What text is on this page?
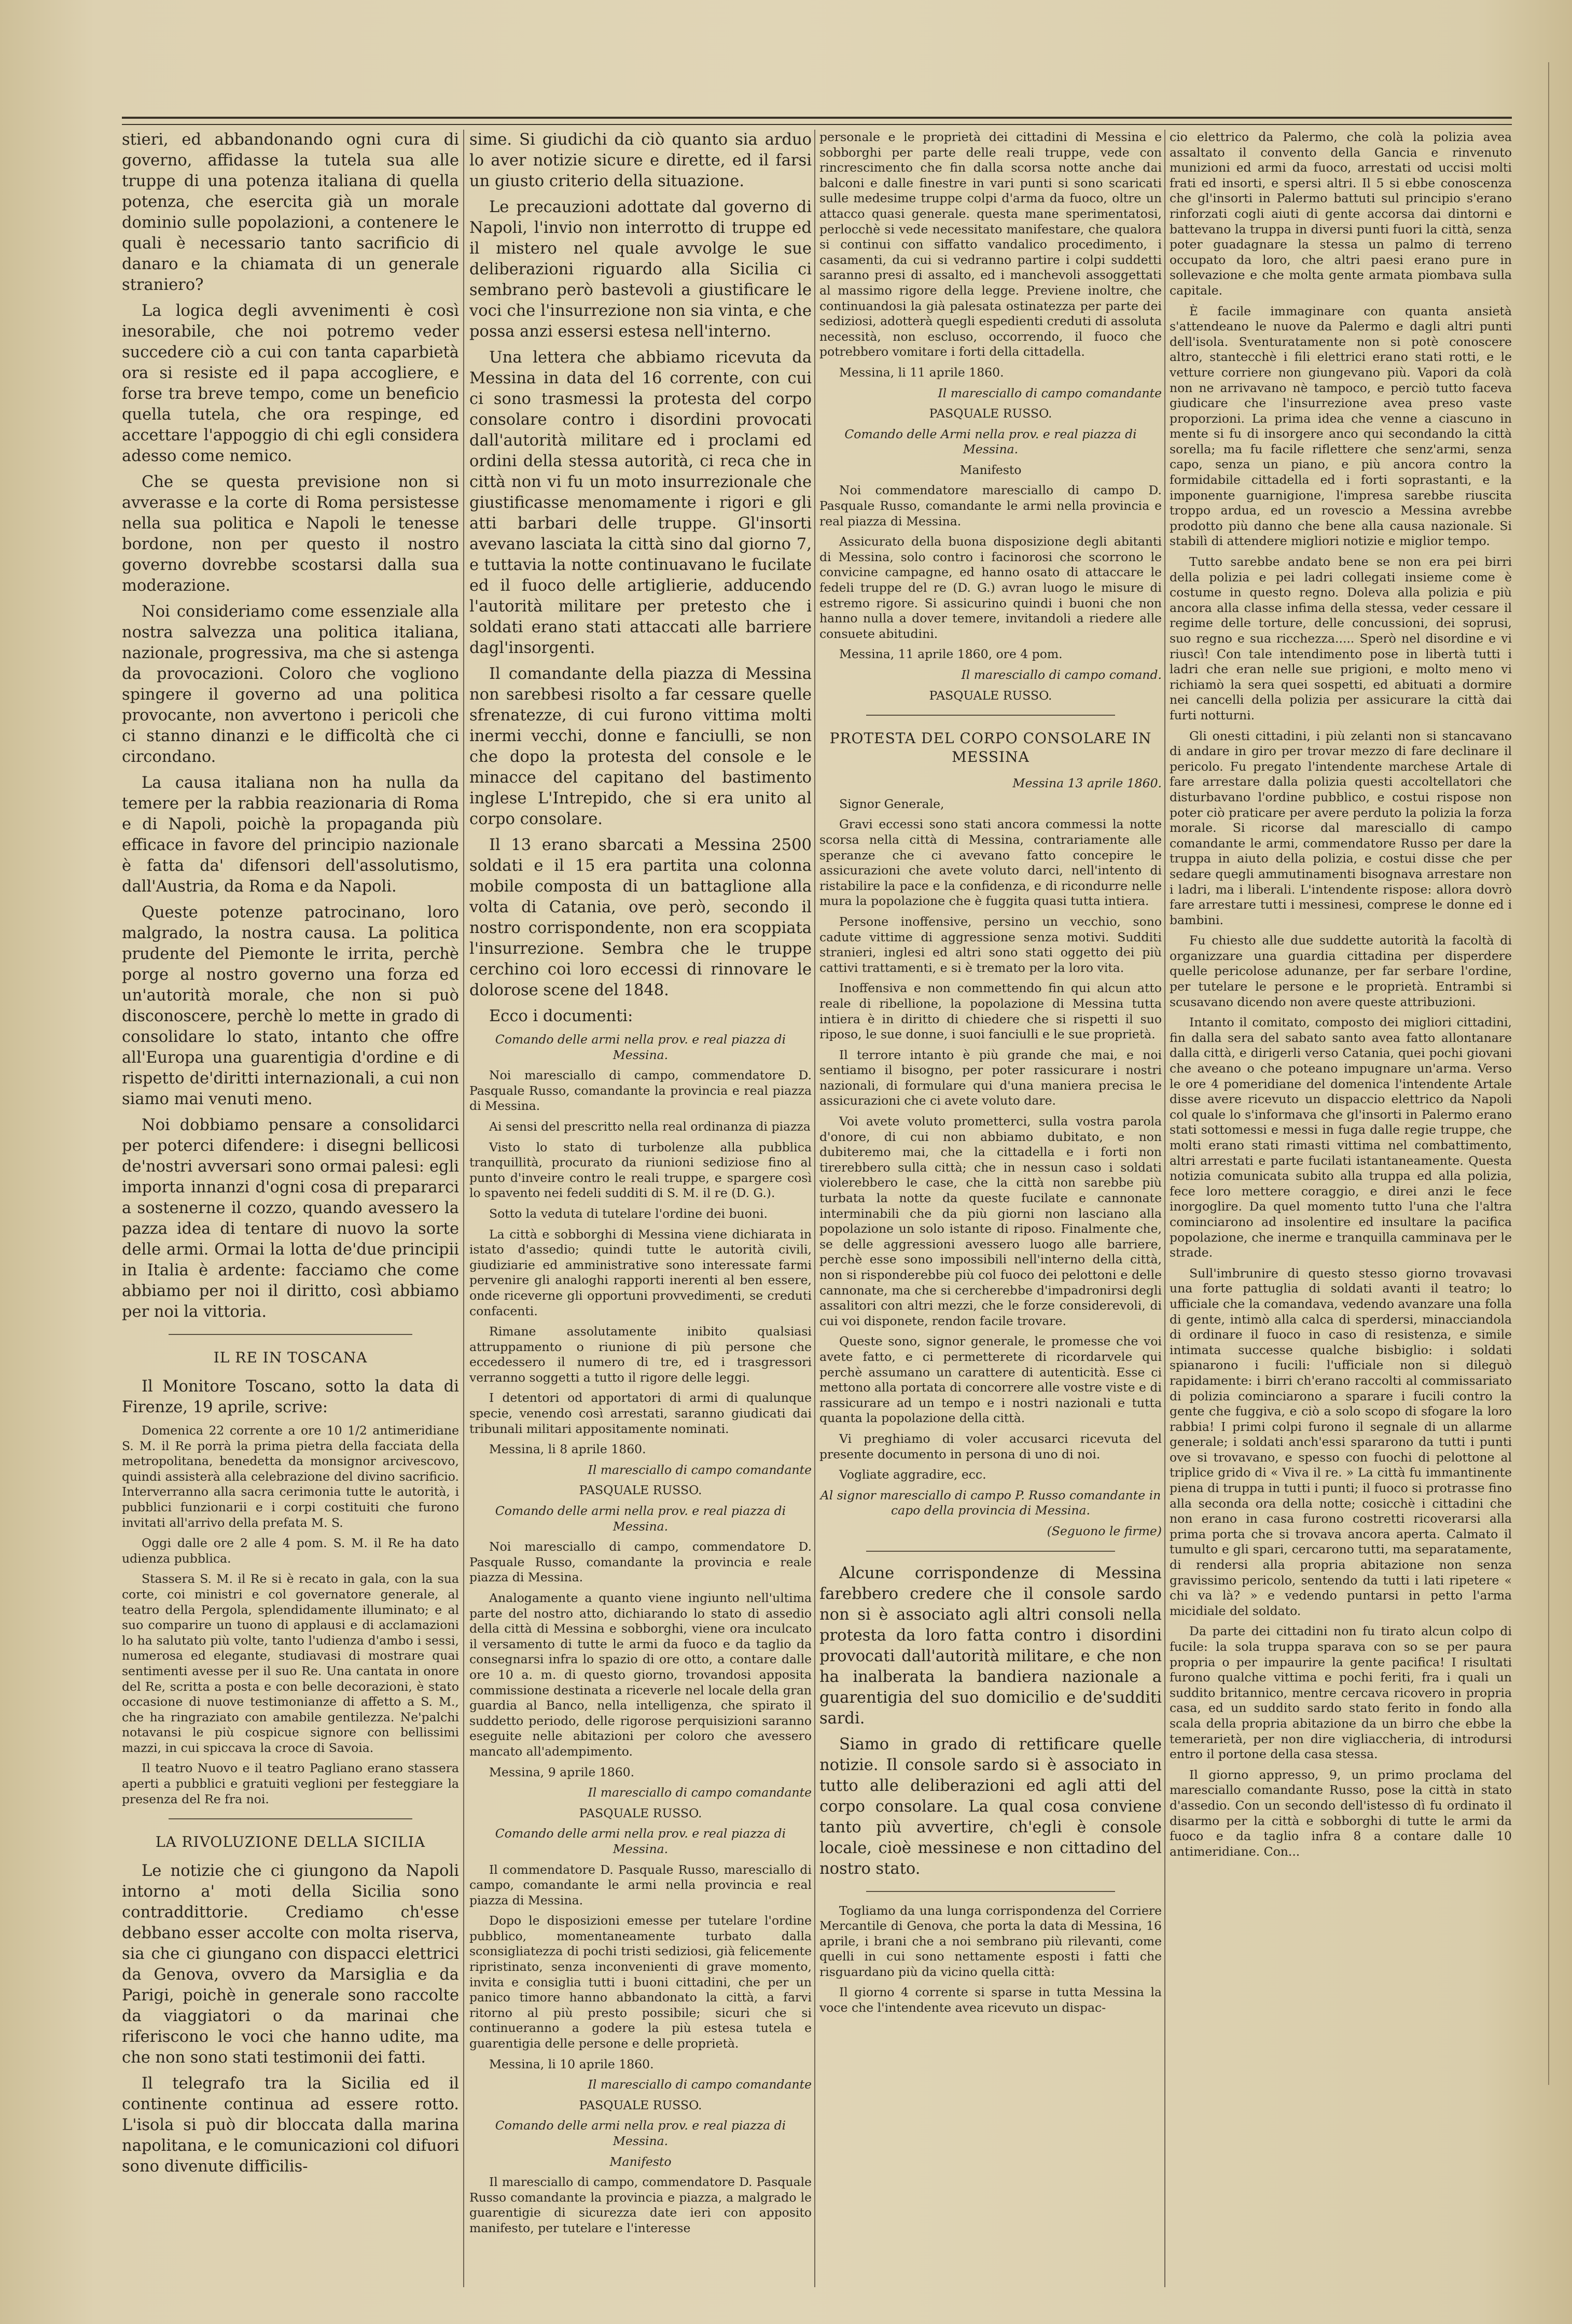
stieri, ed abbandonando ogni cura di governo, affidasse la tutela sua alle truppe di una potenza italiana di quella potenza, che esercita già un morale dominio sulle popolazioni, a contenere le quali è necessario tanto sacrificio di danaro e la chiamata di un generale straniero?

La logica degli avvenimenti è così inesorabile, che noi potremo veder succedere ciò a cui con tanta caparbietà ora si resiste ed il papa accogliere, e forse tra breve tempo, come un beneficio quella tutela, che ora respinge, ed accettare l'appoggio di chi egli considera adesso come nemico.

Che se questa previsione non si avverasse e la corte di Roma persistesse nella sua politica e Napoli le tenesse bordone, non per questo il nostro governo dovrebbe scostarsi dalla sua moderazione.

Noi consideriamo come essenziale alla nostra salvezza una politica italiana, nazionale, progressiva, ma che si astenga da provocazioni. Coloro che vogliono spingere il governo ad una politica provocante, non avvertono i pericoli che ci stanno dinanzi e le difficoltà che ci circondano.

La causa italiana non ha nulla da temere per la rabbia reazionaria di Roma e di Napoli, poichè la propaganda più efficace in favore del principio nazionale è fatta da' difensori dell'assolutismo, dall'Austria, da Roma e da Napoli.

Queste potenze patrocinano, loro malgrado, la nostra causa. La politica prudente del Piemonte le irrita, perchè porge al nostro governo una forza ed un'autorità morale, che non si può disconoscere, perchè lo mette in grado di consolidare lo stato, intanto che offre all'Europa una guarentigia d'ordine e di rispetto de'diritti internazionali, a cui non siamo mai venuti meno.

Noi dobbiamo pensare a consolidarci per poterci difendere: i disegni bellicosi de'nostri avversari sono ormai palesi: egli importa innanzi d'ogni cosa di prepararci a sostenerne il cozzo, quando avessero la pazza idea di tentare di nuovo la sorte delle armi. Ormai la lotta de'due principii in Italia è ardente: facciamo che come abbiamo per noi il diritto, così abbiamo per noi la vittoria.

IL RE IN TOSCANA

Il Monitore Toscano, sotto la data di Firenze, 19 aprile, scrive:

Domenica 22 corrente a ore 10 1/2 antimeridiane S. M. il Re porrà la prima pietra della facciata della metropolitana, benedetta da monsignor arcivescovo, quindi assisterà alla celebrazione del divino sacrificio. Interverranno alla sacra cerimonia tutte le autorità, i pubblici funzionarii e i corpi costituiti che furono invitati all'arrivo della prefata M. S.

Oggi dalle ore 2 alle 4 pom. S. M. il Re ha dato udienza pubblica.

Stassera S. M. il Re si è recato in gala, con la sua corte, coi ministri e col governatore generale, al teatro della Pergola, splendidamente illuminato; e al suo comparire un tuono di applausi e di acclamazioni lo ha salutato più volte, tanto l'udienza d'ambo i sessi, numerosa ed elegante, studiavasi di mostrare quai sentimenti avesse per il suo Re. Una cantata in onore del Re, scritta a posta e con belle decorazioni, è stato occasione di nuove testimonianze di affetto a S. M., che ha ringraziato con amabile gentilezza. Ne'palchi notavansi le più cospicue signore con bellissimi mazzi, in cui spiccava la croce di Savoia.

Il teatro Nuovo e il teatro Pagliano erano stassera aperti a pubblici e gratuiti veglioni per festeggiare la presenza del Re fra noi.

LA RIVOLUZIONE DELLA SICILIA

Le notizie che ci giungono da Napoli intorno a' moti della Sicilia sono contraddittorie. Crediamo ch'esse debbano esser accolte con molta riserva, sia che ci giungano con dispacci elettrici da Genova, ovvero da Marsiglia e da Parigi, poichè in generale sono raccolte da viaggiatori o da marinai che riferiscono le voci che hanno udite, ma che non sono stati testimonii dei fatti.

Il telegrafo tra la Sicilia ed il continente continua ad essere rotto. L'isola si può dir bloccata dalla marina napolitana, e le comunicazioni col difuori sono divenute difficilis-

sime. Si giudichi da ciò quanto sia arduo lo aver notizie sicure e dirette, ed il farsi un giusto criterio della situazione.

Le precauzioni adottate dal governo di Napoli, l'invio non interrotto di truppe ed il mistero nel quale avvolge le sue deliberazioni riguardo alla Sicilia ci sembrano però bastevoli a giustificare le voci che l'insurrezione non sia vinta, e che possa anzi essersi estesa nell'interno.

Una lettera che abbiamo ricevuta da Messina in data del 16 corrente, con cui ci sono trasmessi la protesta del corpo consolare contro i disordini provocati dall'autorità militare ed i proclami ed ordini della stessa autorità, ci reca che in città non vi fu un moto insurrezionale che giustificasse menomamente i rigori e gli atti barbari delle truppe. Gl'insorti avevano lasciata la città sino dal giorno 7, e tuttavia la notte continuavano le fucilate ed il fuoco delle artiglierie, adducendo l'autorità militare per pretesto che i soldati erano stati attaccati alle barriere dagl'insorgenti.

Il comandante della piazza di Messina non sarebbesi risolto a far cessare quelle sfrenatezze, di cui furono vittima molti inermi vecchi, donne e fanciulli, se non che dopo la protesta del console e le minacce del capitano del bastimento inglese L'Intrepido, che si era unito al corpo consolare.

Il 13 erano sbarcati a Messina 2500 soldati e il 15 era partita una colonna mobile composta di un battaglione alla volta di Catania, ove però, secondo il nostro corrispondente, non era scoppiata l'insurrezione. Sembra che le truppe cerchino coi loro eccessi di rinnovare le dolorose scene del 1848.

Ecco i documenti:

Comando delle armi nella prov. e real piazza di Messina.

Noi maresciallo di campo, commendatore D. Pasquale Russo, comandante la provincia e real piazza di Messina.

Ai sensi del prescritto nella real ordinanza di piazza

Visto lo stato di turbolenze alla pubblica tranquillità, procurato da riunioni sediziose fino al punto d'inveire contro le reali truppe, e spargere così lo spavento nei fedeli sudditi di S. M. il re (D. G.).

Sotto la veduta di tutelare l'ordine dei buoni.

La città e sobborghi di Messina viene dichiarata in istato d'assedio; quindi tutte le autorità civili, giudiziarie ed amministrative sono interessate farmi pervenire gli analoghi rapporti inerenti al ben essere, onde riceverne gli opportuni provvedimenti, se creduti confacenti.

Rimane assolutamente inibito qualsiasi attruppamento o riunione di più persone che eccedessero il numero di tre, ed i trasgressori verranno soggetti a tutto il rigore delle leggi.

I detentori od apportatori di armi di qualunque specie, venendo così arrestati, saranno giudicati dai tribunali militari appositamente nominati.

Messina, li 8 aprile 1860.

Il maresciallo di campo comandante

PASQUALE RUSSO.

Comando delle armi nella prov. e real piazza di Messina.

Noi maresciallo di campo, commendatore D. Pasquale Russo, comandante la provincia e reale piazza di Messina.

Analogamente a quanto viene ingiunto nell'ultima parte del nostro atto, dichiarando lo stato di assedio della città di Messina e sobborghi, viene ora inculcato il versamento di tutte le armi da fuoco e da taglio da consegnarsi infra lo spazio di ore otto, a contare dalle ore 10 a. m. di questo giorno, trovandosi apposita commissione destinata a riceverle nel locale della gran guardia al Banco, nella intelligenza, che spirato il suddetto periodo, delle rigorose perquisizioni saranno eseguite nelle abitazioni per coloro che avessero mancato all'adempimento.

Messina, 9 aprile 1860.

Il maresciallo di campo comandante

PASQUALE RUSSO.

Comando delle armi nella prov. e real piazza di Messina.

Il commendatore D. Pasquale Russo, maresciallo di campo, comandante le armi nella provincia e real piazza di Messina.

Dopo le disposizioni emesse per tutelare l'ordine pubblico, momentaneamente turbato dalla sconsigliatezza di pochi tristi sediziosi, già felicemente ripristinato, senza inconvenienti di grave momento, invita e consiglia tutti i buoni cittadini, che per un panico timore hanno abbandonato la città, a farvi ritorno al più presto possibile; sicuri che si continueranno a godere la più estesa tutela e guarentigia delle persone e delle proprietà.

Messina, li 10 aprile 1860.

Il maresciallo di campo comandante

PASQUALE RUSSO.

Comando delle armi nella prov. e real piazza di Messina.

Manifesto

Il maresciallo di campo, commendatore D. Pasquale Russo comandante la provincia e piazza, a malgrado le guarentigie di sicurezza date ieri con apposito manifesto, per tutelare e l'interesse

personale e le proprietà dei cittadini di Messina e sobborghi per parte delle reali truppe, vede con rincrescimento che fin dalla scorsa notte anche dai balconi e dalle finestre in vari punti si sono scaricati sulle medesime truppe colpi d'arma da fuoco, oltre un attacco quasi generale. questa mane sperimentatosi, perlocchè si vede necessitato manifestare, che qualora si continui con siffatto vandalico procedimento, i casamenti, da cui si vedranno partire i colpi suddetti saranno presi di assalto, ed i manchevoli assoggettati al massimo rigore della legge. Previene inoltre, che continuandosi la già palesata ostinatezza per parte dei sediziosi, adotterà quegli espedienti creduti di assoluta necessità, non escluso, occorrendo, il fuoco che potrebbero vomitare i forti della cittadella.

Messina, li 11 aprile 1860.

Il maresciallo di campo comandante

PASQUALE RUSSO.

Comando delle Armi nella prov. e real piazza di Messina.

Manifesto

Noi commendatore maresciallo di campo D. Pasquale Russo, comandante le armi nella provincia e real piazza di Messina.

Assicurato della buona disposizione degli abitanti di Messina, solo contro i facinorosi che scorrono le convicine campagne, ed hanno osato di attaccare le fedeli truppe del re (D. G.) avran luogo le misure di estremo rigore. Si assicurino quindi i buoni che non hanno nulla a dover temere, invitandoli a riedere alle consuete abitudini.

Messina, 11 aprile 1860, ore 4 pom.

Il maresciallo di campo comand.

PASQUALE RUSSO.

PROTESTA DEL CORPO CONSOLARE IN MESSINA

Messina 13 aprile 1860.

Signor Generale,

Gravi eccessi sono stati ancora commessi la notte scorsa nella città di Messina, contrariamente alle speranze che ci avevano fatto concepire le assicurazioni che avete voluto darci, nell'intento di ristabilire la pace e la confidenza, e di ricondurre nelle mura la popolazione che è fuggita quasi tutta intiera.

Persone inoffensive, persino un vecchio, sono cadute vittime di aggressione senza motivi. Sudditi stranieri, inglesi ed altri sono stati oggetto dei più cattivi trattamenti, e si è tremato per la loro vita.

Inoffensiva e non commettendo fin qui alcun atto reale di ribellione, la popolazione di Messina tutta intiera è in diritto di chiedere che si rispetti il suo riposo, le sue donne, i suoi fanciulli e le sue proprietà.

Il terrore intanto è più grande che mai, e noi sentiamo il bisogno, per poter rassicurare i nostri nazionali, di formulare qui d'una maniera precisa le assicurazioni che ci avete voluto dare.

Voi avete voluto prometterci, sulla vostra parola d'onore, di cui non abbiamo dubitato, e non dubiteremo mai, che la cittadella e i forti non tirerebbero sulla città; che in nessun caso i soldati violerebbero le case, che la città non sarebbe più turbata la notte da queste fucilate e cannonate interminabili che da più giorni non lasciano alla popolazione un solo istante di riposo. Finalmente che, se delle aggressioni avessero luogo alle barriere, perchè esse sono impossibili nell'interno della città, non si risponderebbe più col fuoco dei pelottoni e delle cannonate, ma che si cercherebbe d'impadronirsi degli assalitori con altri mezzi, che le forze considerevoli, di cui voi disponete, rendon facile trovare.

Queste sono, signor generale, le promesse che voi avete fatto, e ci permetterete di ricordarvele qui perchè assumano un carattere di autenticità. Esse ci mettono alla portata di concorrere alle vostre viste e di rassicurare ad un tempo e i nostri nazionali e tutta quanta la popolazione della città.

Vi preghiamo di voler accusarci ricevuta del presente documento in persona di uno di noi.

Vogliate aggradire, ecc.

Al signor maresciallo di campo P. Russo comandante in capo della provincia di Messina.

(Seguono le firme)

Alcune corrispondenze di Messina farebbero credere che il console sardo non si è associato agli altri consoli nella protesta da loro fatta contro i disordini provocati dall'autorità militare, e che non ha inalberata la bandiera nazionale a guarentigia del suo domicilio e de'sudditi sardi.

Siamo in grado di rettificare quelle notizie. Il console sardo si è associato in tutto alle deliberazioni ed agli atti del corpo consolare. La qual cosa conviene tanto più avvertire, ch'egli è console locale, cioè messinese e non cittadino del nostro stato.

Togliamo da una lunga corrispondenza del Corriere Mercantile di Genova, che porta la data di Messina, 16 aprile, i brani che a noi sembrano più rilevanti, come quelli in cui sono nettamente esposti i fatti che risguardano più da vicino quella città:

Il giorno 4 corrente si sparse in tutta Messina la voce che l'intendente avea ricevuto un dispac-

cio elettrico da Palermo, che colà la polizia avea assaltato il convento della Gancia e rinvenuto munizioni ed armi da fuoco, arrestati od uccisi molti frati ed insorti, e spersi altri. Il 5 si ebbe conoscenza che gl'insorti in Palermo battuti sul principio s'erano rinforzati cogli aiuti di gente accorsa dai dintorni e battevano la truppa in diversi punti fuori la città, senza poter guadagnare la stessa un palmo di terreno occupato da loro, che altri paesi erano pure in sollevazione e che molta gente armata piombava sulla capitale.

È facile immaginare con quanta ansietà s'attendeano le nuove da Palermo e dagli altri punti dell'isola. Sventuratamente non si potè conoscere altro, stantecchè i fili elettrici erano stati rotti, e le vetture corriere non giungevano più. Vapori da colà non ne arrivavano nè tampoco, e perciò tutto faceva giudicare che l'insurrezione avea preso vaste proporzioni. La prima idea che venne a ciascuno in mente si fu di insorgere anco qui secondando la città sorella; ma fu facile riflettere che senz'armi, senza capo, senza un piano, e più ancora contro la formidabile cittadella ed i forti soprastanti, e la imponente guarnigione, l'impresa sarebbe riuscita troppo ardua, ed un rovescio a Messina avrebbe prodotto più danno che bene alla causa nazionale. Si stabilì di attendere migliori notizie e miglior tempo.

Tutto sarebbe andato bene se non era pei birri della polizia e pei ladri collegati insieme come è costume in questo regno. Doleva alla polizia e più ancora alla classe infima della stessa, veder cessare il regime delle torture, delle concussioni, dei soprusi, suo regno e sua ricchezza..... Sperò nel disordine e vi riuscì! Con tale intendimento pose in libertà tutti i ladri che eran nelle sue prigioni, e molto meno vi richiamò la sera quei sospetti, ed abituati a dormire nei cancelli della polizia per assicurare la città dai furti notturni.

Gli onesti cittadini, i più zelanti non si stancavano di andare in giro per trovar mezzo di fare declinare il pericolo. Fu pregato l'intendente marchese Artale di fare arrestare dalla polizia questi accoltellatori che disturbavano l'ordine pubblico, e costui rispose non poter ciò praticare per avere perduto la polizia la forza morale. Si ricorse dal maresciallo di campo comandante le armi, commendatore Russo per dare la truppa in aiuto della polizia, e costui disse che per sedare quegli ammutinamenti bisognava arrestare non i ladri, ma i liberali. L'intendente rispose: allora dovrò fare arrestare tutti i messinesi, comprese le donne ed i bambini.

Fu chiesto alle due suddette autorità la facoltà di organizzare una guardia cittadina per disperdere quelle pericolose adunanze, per far serbare l'ordine, per tutelare le persone e le proprietà. Entrambi si scusavano dicendo non avere queste attribuzioni.

Intanto il comitato, composto dei migliori cittadini, fin dalla sera del sabato santo avea fatto allontanare dalla città, e dirigerli verso Catania, quei pochi giovani che aveano o che poteano impugnare un'arma. Verso le ore 4 pomeridiane del domenica l'intendente Artale disse avere ricevuto un dispaccio elettrico da Napoli col quale lo s'informava che gl'insorti in Palermo erano stati sottomessi e messi in fuga dalle regie truppe, che molti erano stati rimasti vittima nel combattimento, altri arrestati e parte fucilati istantaneamente. Questa notizia comunicata subito alla truppa ed alla polizia, fece loro mettere coraggio, e direi anzi le fece inorgoglire. Da quel momento tutto l'una che l'altra cominciarono ad insolentire ed insultare la pacifica popolazione, che inerme e tranquilla camminava per le strade.

Sull'imbrunire di questo stesso giorno trovavasi una forte pattuglia di soldati avanti il teatro; lo ufficiale che la comandava, vedendo avanzare una folla di gente, intimò alla calca di sperdersi, minacciandola di ordinare il fuoco in caso di resistenza, e simile intimata successe qualche bisbiglio: i soldati spianarono i fucili: l'ufficiale non si dileguò rapidamente: i birri ch'erano raccolti al commissariato di polizia cominciarono a sparare i fucili contro la gente che fuggiva, e ciò a solo scopo di sfogare la loro rabbia! I primi colpi furono il segnale di un allarme generale; i soldati anch'essi spararono da tutti i punti ove si trovavano, e spesso con fuochi di pelottone al triplice grido di « Viva il re. » La città fu immantinente piena di truppa in tutti i punti; il fuoco si protrasse fino alla seconda ora della notte; cosicchè i cittadini che non erano in casa furono costretti ricoverarsi alla prima porta che si trovava ancora aperta. Calmato il tumulto e gli spari, cercarono tutti, ma separatamente, di rendersi alla propria abitazione non senza gravissimo pericolo, sentendo da tutti i lati ripetere « chi va là? » e vedendo puntarsi in petto l'arma micidiale del soldato.

Da parte dei cittadini non fu tirato alcun colpo di fucile: la sola truppa sparava con so se per paura propria o per impaurire la gente pacifica! I risultati furono qualche vittima e pochi feriti, fra i quali un suddito britannico, mentre cercava ricovero in propria casa, ed un suddito sardo stato ferito in fondo alla scala della propria abitazione da un birro che ebbe la temerarietà, per non dire vigliaccheria, di introdursi entro il portone della casa stessa.

Il giorno appresso, 9, un primo proclama del maresciallo comandante Russo, pose la città in stato d'assedio. Con un secondo dell'istesso dì fu ordinato il disarmo per la città e sobborghi di tutte le armi da fuoco e da taglio infra 8 a contare dalle 10 antimeridiane. Con...
